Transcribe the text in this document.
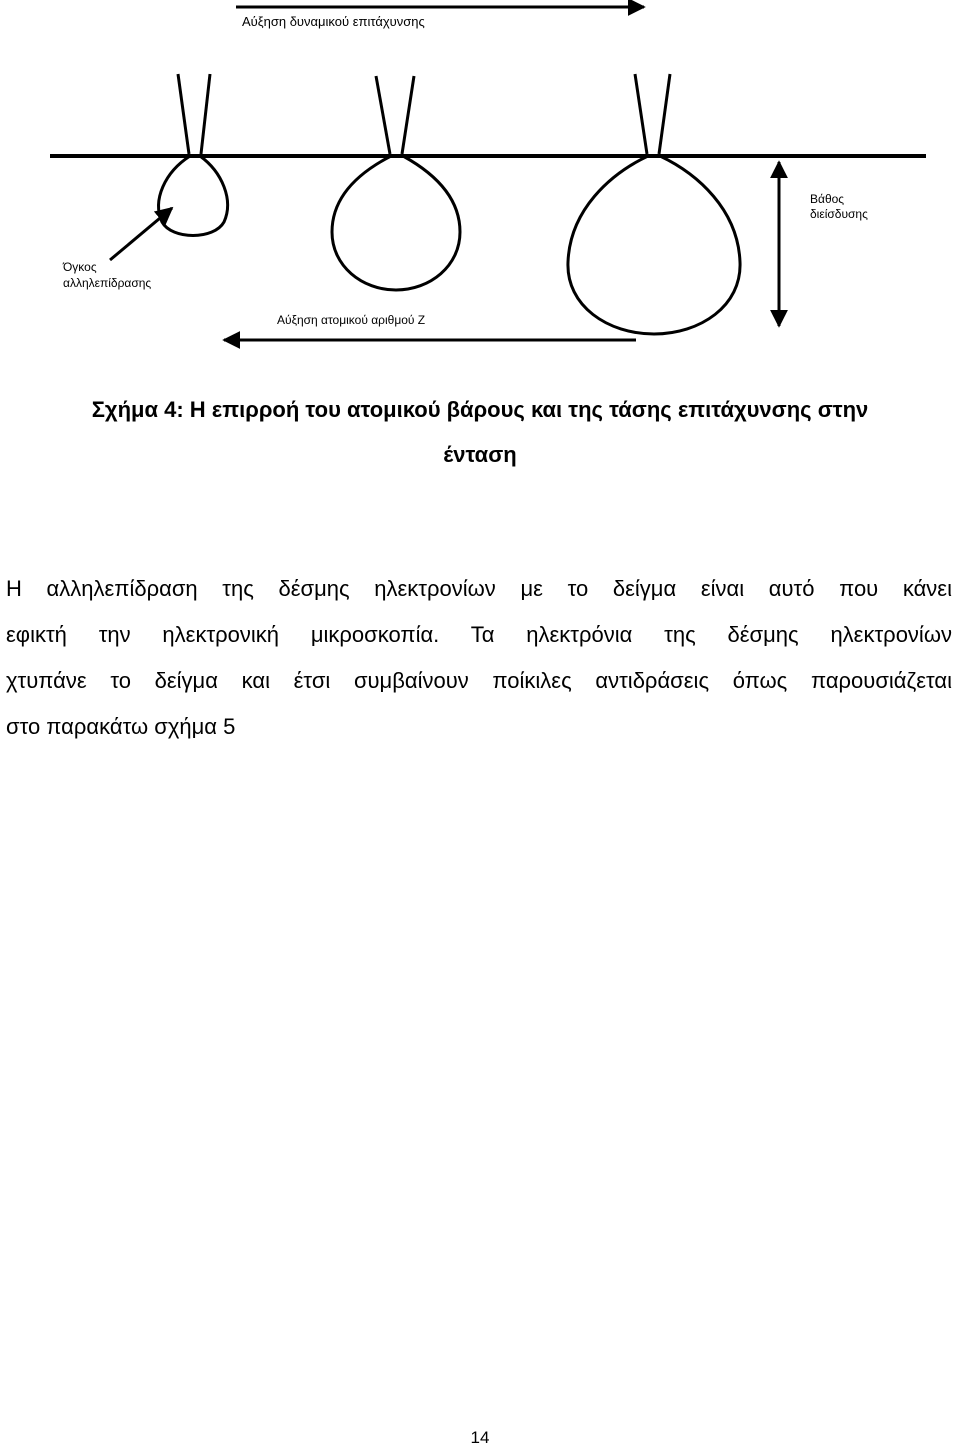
Αύξηση δυναμικού επιτάχυνσης
Βάθος
διείσδυσης
Όγκος
αλληλεπίδρασης
Αύξηση ατομικού αριθμού Ζ
Σχήμα 4: Η επιρροή του ατομικού βάρους και της τάσης επιτάχυνσης στην
ένταση
Η αλληλεπίδραση της δέσμης ηλεκτρονίων με το δείγμα είναι αυτό που κάνει
εφικτή την ηλεκτρονική μικροσκοπία. Τα ηλεκτρόνια της δέσμης ηλεκτρονίων
χτυπάνε το δείγμα και έτσι συμβαίνουν ποίκιλες αντιδράσεις όπως παρουσιάζεται
στο παρακάτω σχήμα 5
14
